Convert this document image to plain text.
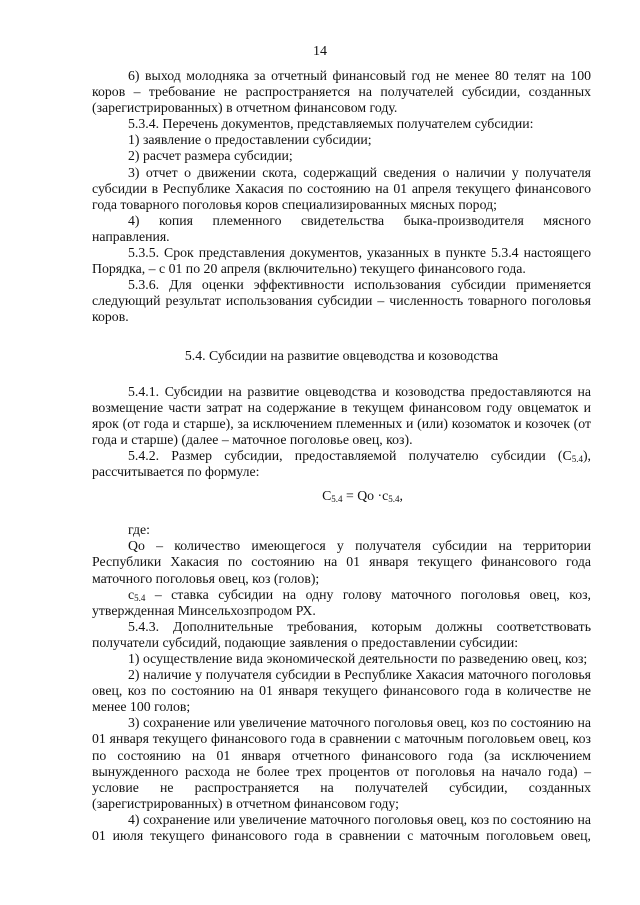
14

6) выход молодняка за отчетный финансовый год не менее 80 телят на 100 коров – требование не распространяется на получателей субсидии, созданных (зарегистрированных) в отчетном финансовом году.

5.3.4. Перечень документов, представляемых получателем субсидии:

1) заявление о предоставлении субсидии;

2) расчет размера субсидии;

3) отчет о движении скота, содержащий сведения о наличии у получателя субсидии в Республике Хакасия по состоянию на 01 апреля текущего финансового года товарного поголовья коров специализированных мясных пород;

4) копия племенного свидетельства быка-производителя мясного направления.

5.3.5. Срок представления документов, указанных в пункте 5.3.4 настоящего Порядка, – с 01 по 20 апреля (включительно) текущего финансового года.

5.3.6. Для оценки эффективности использования субсидии применяется следующий результат использования субсидии – численность товарного поголовья коров.

5.4. Субсидии на развитие овцеводства и козоводства

5.4.1. Субсидии на развитие овцеводства и козоводства предоставляются на возмещение части затрат на содержание в текущем финансовом году овцематок и ярок (от года и старше), за исключением племенных и (или) козоматок и козочек (от года и старше) (далее – маточное поголовье овец, коз).

5.4.2. Размер субсидии, предоставляемой получателю субсидии $(С_{5.4})$, рассчитывается по формуле:

$С_{5.4}$ = Qо $\cdot с_{5.4}$,

где:

Qо – количество имеющегося у получателя субсидии на территории Республики Хакасия по состоянию на 01 января текущего финансового года маточного поголовья овец, коз (голов);

$с_{5.4}$ – ставка субсидии на одну голову маточного поголовья овец, коз, утвержденная Минсельхозпродом РХ.

5.4.3. Дополнительные требования, которым должны соответствовать получатели субсидий, подающие заявления о предоставлении субсидии:

1) осуществление вида экономической деятельности по разведению овец, коз;

2) наличие у получателя субсидии в Республике Хакасия маточного поголовья овец, коз по состоянию на 01 января текущего финансового года в количестве не менее 100 голов;

3) сохранение или увеличение маточного поголовья овец, коз по состоянию на 01 января текущего финансового года в сравнении с маточным поголовьем овец, коз по состоянию на 01 января отчетного финансового года (за исключением вынужденного расхода не более трех процентов от поголовья на начало года) – условие не распространяется на получателей субсидии, созданных (зарегистрированных) в отчетном финансовом году;

4) сохранение или увеличение маточного поголовья овец, коз по состоянию на 01 июля текущего финансового года в сравнении с маточным поголовьем овец,
